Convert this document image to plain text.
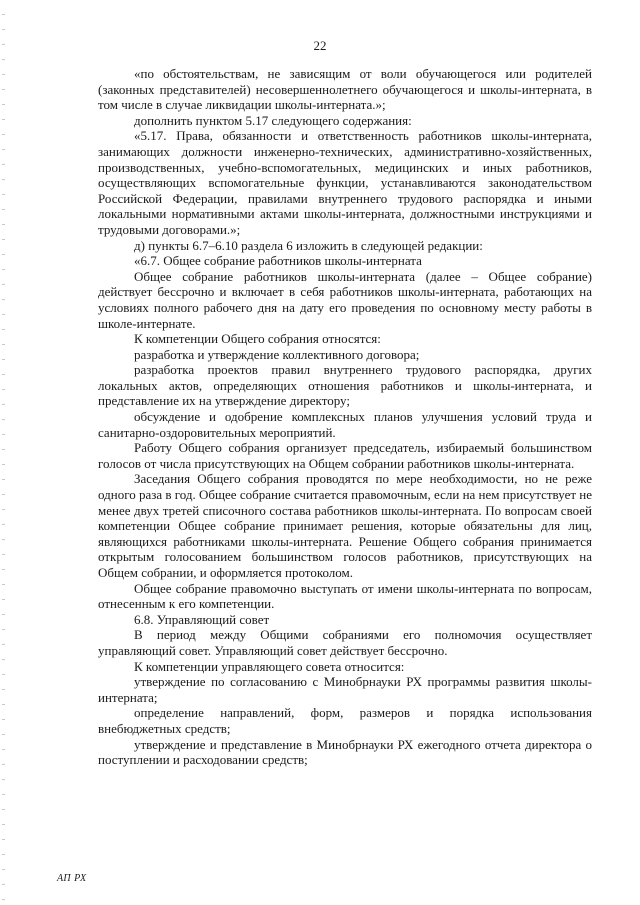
22

«по обстоятельствам, не зависящим от воли обучающегося или родителей (законных представителей) несовершеннолетнего обучающегося и школы-интерната, в том числе в случае ликвидации школы-интерната.»;

дополнить пунктом 5.17 следующего содержания:

«5.17. Права, обязанности и ответственность работников школы-интерната, занимающих должности инженерно-технических, административно-хозяйственных, производственных, учебно-вспомогательных, медицинских и иных работников, осуществляющих вспомогательные функции, устанавливаются законодательством Российской Федерации, правилами внутреннего трудового распорядка и иными локальными нормативными актами школы-интерната, должностными инструкциями и трудовыми договорами.»;

д) пункты 6.7–6.10 раздела 6 изложить в следующей редакции:

«6.7. Общее собрание работников школы-интерната

Общее собрание работников школы-интерната (далее – Общее собрание) действует бессрочно и включает в себя работников школы-интерната, работающих на условиях полного рабочего дня на дату его проведения по основному месту работы в школе-интернате.

К компетенции Общего собрания относятся:

разработка и утверждение коллективного договора;

разработка проектов правил внутреннего трудового распорядка, других локальных актов, определяющих отношения работников и школы-интерната, и представление их на утверждение директору;

обсуждение и одобрение комплексных планов улучшения условий труда и санитарно-оздоровительных мероприятий.

Работу Общего собрания организует председатель, избираемый большинством голосов от числа присутствующих на Общем собрании работников школы-интерната.

Заседания Общего собрания проводятся по мере необходимости, но не реже одного раза в год. Общее собрание считается правомочным, если на нем присутствует не менее двух третей списочного состава работников школы-интерната. По вопросам своей компетенции Общее собрание принимает решения, которые обязательны для лиц, являющихся работниками школы-интерната. Решение Общего собрания принимается открытым голосованием большинством голосов работников, присутствующих на Общем собрании, и оформляется протоколом.

Общее собрание правомочно выступать от имени школы-интерната по вопросам, отнесенным к его компетенции.

6.8. Управляющий совет

В период между Общими собраниями его полномочия осуществляет управляющий совет. Управляющий совет действует бессрочно.

К компетенции управляющего совета относится:

утверждение по согласованию с Минобрнауки РХ программы развития школы-интерната;

определение направлений, форм, размеров и порядка использования внебюджетных средств;

утверждение и представление в Минобрнауки РХ ежегодного отчета директора о поступлении и расходовании средств;

АП РХ
